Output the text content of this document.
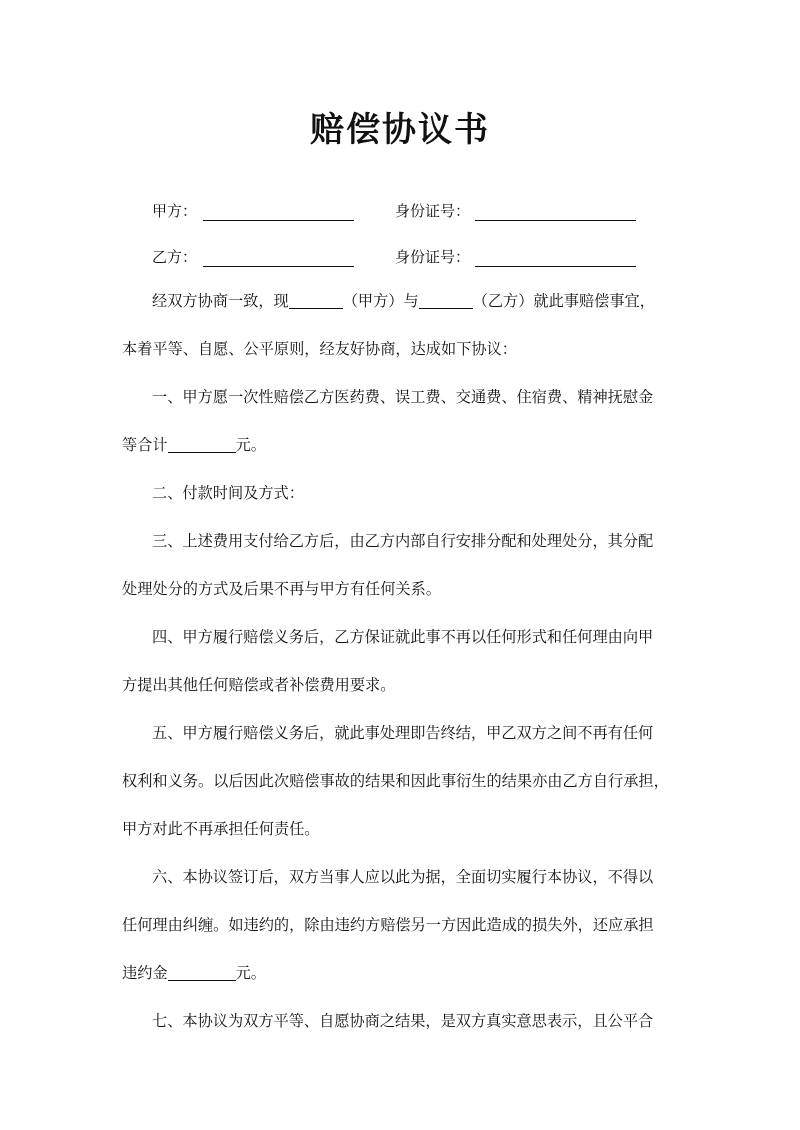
赔偿协议书
甲方：	身份证号：
乙方：	身份证号：
经双方协商一致，现	（甲方）与	（乙方）就此事赔偿事宜，
本着平等、自愿、公平原则，经友好协商，达成如下协议：
一、甲方愿一次性赔偿乙方医药费、误工费、交通费、住宿费、精神抚慰金
等合计	元。
二、付款时间及方式：
三、上述费用支付给乙方后，由乙方内部自行安排分配和处理处分，其分配
处理处分的方式及后果不再与甲方有任何关系。
四、甲方履行赔偿义务后，乙方保证就此事不再以任何形式和任何理由向甲
方提出其他任何赔偿或者补偿费用要求。
五、甲方履行赔偿义务后，就此事处理即告终结，甲乙双方之间不再有任何
权利和义务。以后因此次赔偿事故的结果和因此事衍生的结果亦由乙方自行承担，
甲方对此不再承担任何责任。
六、本协议签订后，双方当事人应以此为据，全面切实履行本协议，不得以
任何理由纠缠。如违约的，除由违约方赔偿另一方因此造成的损失外，还应承担
违约金	元。
七、本协议为双方平等、自愿协商之结果，是双方真实意思表示，且公平合
